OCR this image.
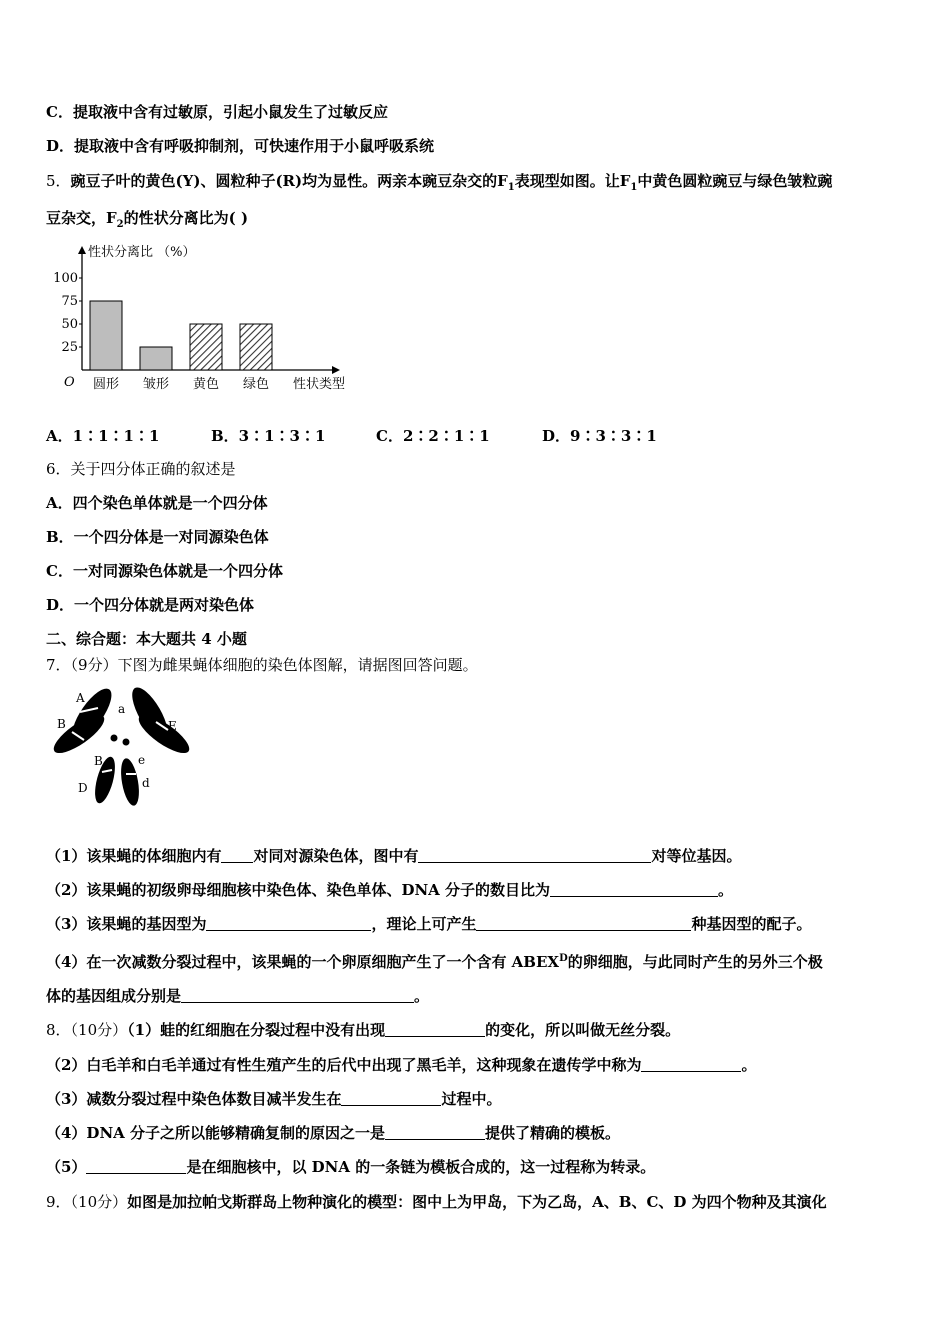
C．提取液中含有过敏原，引起小鼠发生了过敏反应
D．提取液中含有呼吸抑制剂，可快速作用于小鼠呼吸系统
5．豌豆子叶的黄色(Y)、圆粒种子(R)均为显性。两亲本豌豆杂交的$F_1$表现型如图。让$F_1$中黄色圆粒豌豆与绿色皱粒豌
豆杂交，$F_2$的性状分离比为( )
性状分离比 （%）
O
100
75
50
25
圆形 皱形 黄色 绿色 性状类型
A．1∶1∶1∶1	B．3∶1∶3∶1	C．2∶2∶1∶1	D．9∶3∶3∶1
6．关于四分体正确的叙述是
A．四个染色单体就是一个四分体
B．一个四分体是一对同源染色体
C．一对同源染色体就是一个四分体
D．一个四分体就是两对染色体
二、综合题：本大题共 4 小题
7．（9分）下图为雌果蝇体细胞的染色体图解，请据图回答问题。
A
a
B	E
B	e
D	d
（1）该果蝇的体细胞内有 对同对源染色体，图中有	对等位基因。
（2）该果蝇的初级卵母细胞核中染色体、染色单体、DNA 分子的数目比为	。
（3）该果蝇的基因型为	，理论上可产生	种基因型的配子。
（4）在一次减数分裂过程中，该果蝇的一个卵原细胞产生了一个含有 $ABEX^D$的卵细胞，与此同时产生的另外三个极
体的基因组成分别是	。
8．（10分）（1）蛙的红细胞在分裂过程中没有出现	的变化，所以叫做无丝分裂。
（2）白毛羊和白毛羊通过有性生殖产生的后代中出现了黑毛羊，这种现象在遗传学中称为	。
（3）减数分裂过程中染色体数目减半发生在	过程中。
（4）DNA 分子之所以能够精确复制的原因之一是	提供了精确的模板。
（5）	是在细胞核中，以 DNA 的一条链为模板合成的，这一过程称为转录。
9．（10分）如图是加拉帕戈斯群岛上物种演化的模型：图中上为甲岛，下为乙岛，A、B、C、D 为四个物种及其演化
